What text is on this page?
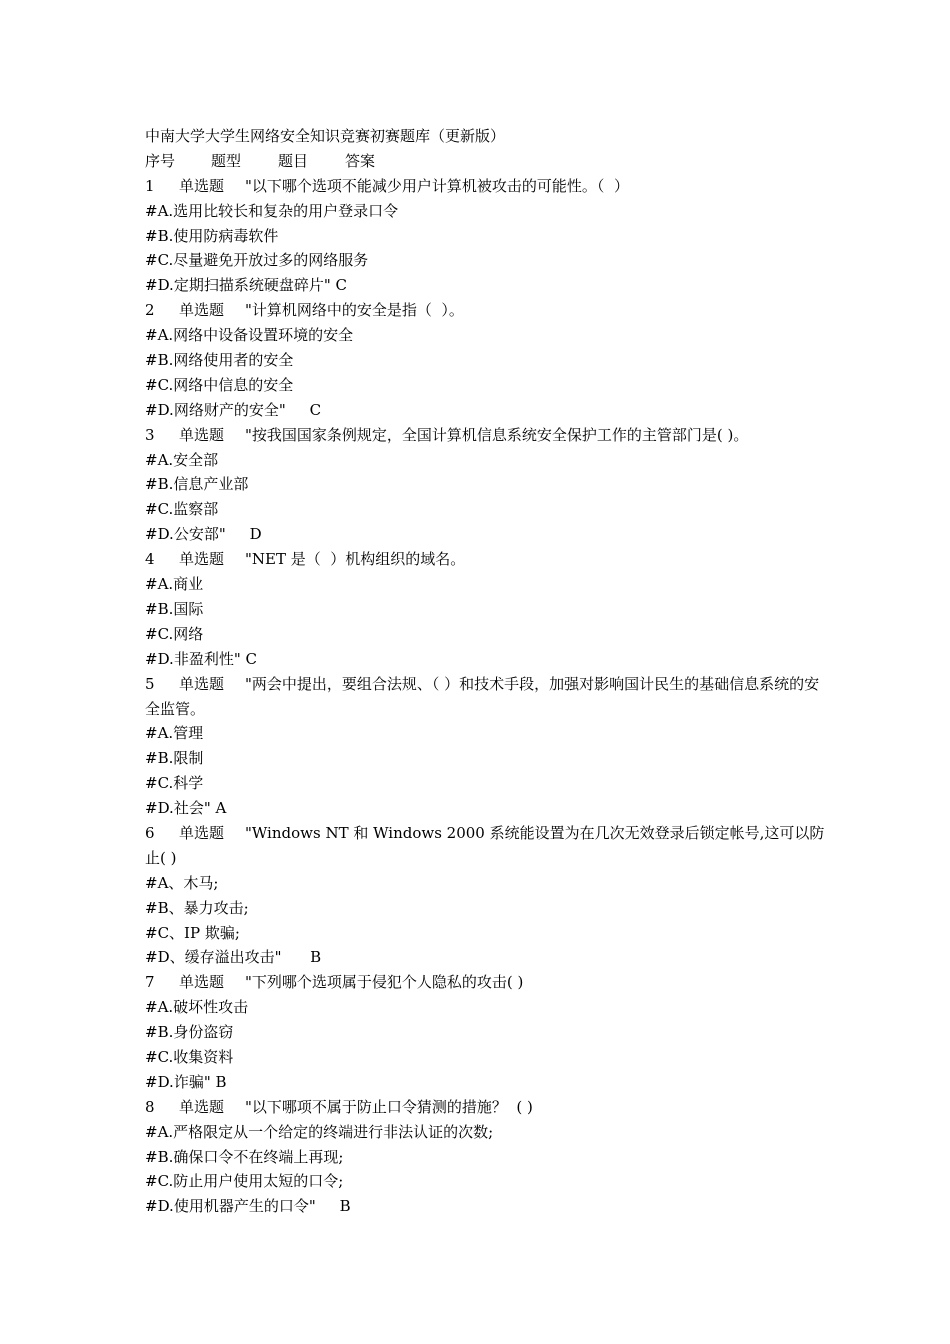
中南大学大学生网络安全知识竞赛初赛题库（更新版）
序号 题型 题目 答案
1 单选题 "以下哪个选项不能减少用户计算机被攻击的可能性。（  ）
#A.选用比较长和复杂的用户登录口令
#B.使用防病毒软件
#C.尽量避免开放过多的网络服务
#D.定期扫描系统硬盘碎片" C
2 单选题 "计算机网络中的安全是指（  ）。
#A.网络中设备设置环境的安全
#B.网络使用者的安全
#C.网络中信息的安全
#D.网络财产的安全"     C
3 单选题 "按我国国家条例规定，全国计算机信息系统安全保护工作的主管部门是( )。
#A.安全部
#B.信息产业部
#C.监察部
#D.公安部"     D
4 单选题 "NET 是（  ）机构组织的域名。
#A.商业
#B.国际
#C.网络
#D.非盈利性" C
5 单选题 "两会中提出，要组合法规、（ ）和技术手段，加强对影响国计民生的基础信息系统的安全监管。
#A.管理
#B.限制
#C.科学
#D.社会" A
6 单选题 "Windows NT 和 Windows 2000 系统能设置为在几次无效登录后锁定帐号,这可以防止( )
#A、木马;
#B、暴力攻击;
#C、IP 欺骗;
#D、缓存溢出攻击"      B
7 单选题 "下列哪个选项属于侵犯个人隐私的攻击( )
#A.破坏性攻击
#B.身份盗窃
#C.收集资料
#D.诈骗" B
8 单选题 "以下哪项不属于防止口令猜测的措施？  ( )
#A.严格限定从一个给定的终端进行非法认证的次数;
#B.确保口令不在终端上再现;
#C.防止用户使用太短的口令;
#D.使用机器产生的口令"     B
